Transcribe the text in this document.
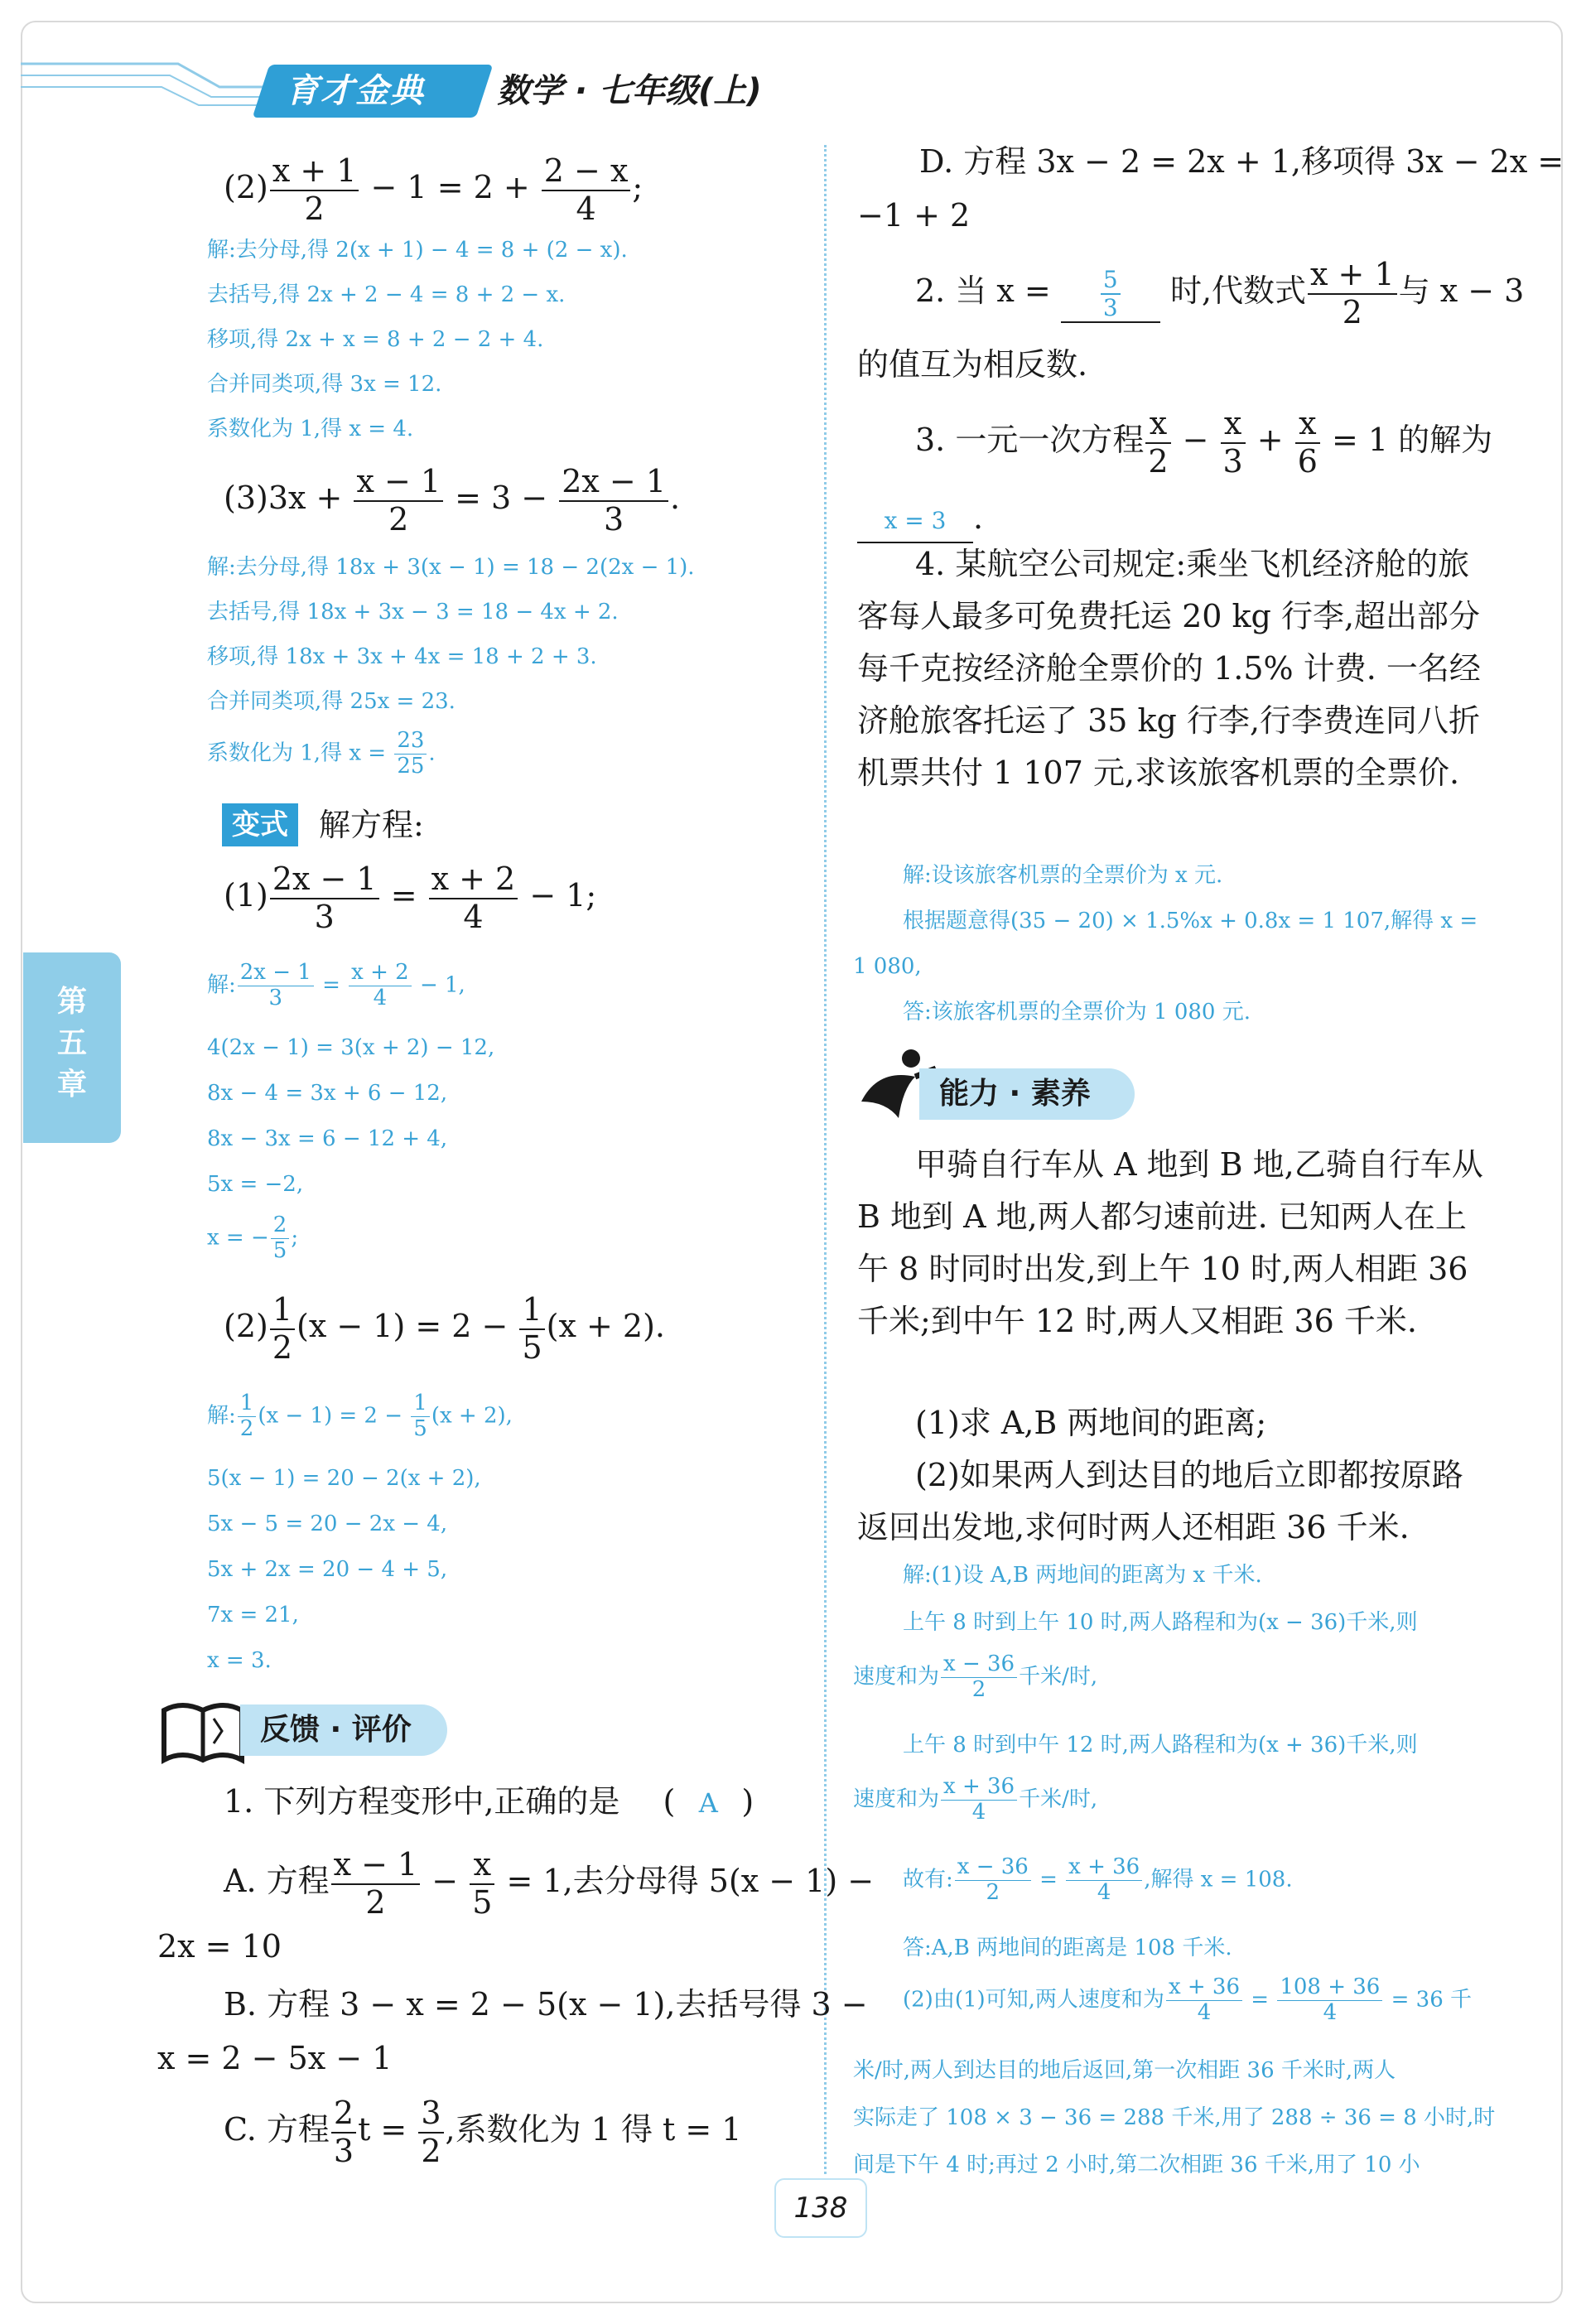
育才金典	数学 · 七年级(上)
第五章
$(2) \frac{x + 1}{2} - 1 = 2 + \frac{2 - x}{4}$ ;
解:去分母,得 2(x + 1) − 4 = 8 + (2 − x).
去括号,得 2x + 2 − 4 = 8 + 2 − x.
移项,得 2x + x = 8 + 2 − 2 + 4.
合并同类项,得 3x = 12.
系数化为 1,得 x = 4.
$(3)3x + \frac{x - 1}{2} = 3 - \frac{2x - 1}{3}$ .
解:去分母,得 18x + 3(x − 1) = 18 − 2(2x − 1).
去括号,得 18x + 3x − 3 = 18 − 4x + 2.
移项,得 18x + 3x + 4x = 18 + 2 + 3.
合并同类项,得 25x = 23.
系数化为 1,得 $x = \frac{23}{25}$ .
变式 解方程:
$(1) \frac{2x - 1}{3} = \frac{x + 2}{4} - 1$;
解: $\frac{2x - 1}{3} = \frac{x + 2}{4} - 1$,
4(2x − 1) = 3(x + 2) − 12,
8x − 4 = 3x + 6 − 12,
8x − 3x = 6 − 12 + 4,
5x = −2,
x = − $\frac{2}{5}$ ;
$(2) \frac{1}{2} (x - 1) = 2 - \frac{1}{5} (x + 2)$.
解: $\frac{1}{2} (x - 1) = 2 - \frac{1}{5} (x + 2)$,
5(x − 1) = 20 − 2(x + 2),
5x − 5 = 20 − 2x − 4,
5x + 2x = 20 − 4 + 5,
7x = 21,
x = 3.
反馈 · 评价
1. 下列方程变形中,正确的是 ( A )
A. 方程 $\frac{x - 1}{2} - \frac{x}{5} = 1$,去分母得 5(x − 1) −
2x = 10
B. 方程 3 − x = 2 − 5(x − 1),去括号得 3 −
x = 2 − 5x − 1
C. 方程 $\frac{2}{3}$ $t = \frac{3}{2}$ ,系数化为 1 得 t = 1
D. 方程 3x − 2 = 2x + 1,移项得 3x − 2x =
−1 + 2
2. 当 $x = \frac{5}{3}$ 时,代数式 $\frac{x + 1}{2}$ 与 x − 3
的值互为相反数.
3. 一元一次方程 $\frac{x}{2} - \frac{x}{3} + \frac{x}{6} = 1$ 的解为
x = 3 .
4. 某航空公司规定:乘坐飞机经济舱的旅客每人最多可免费托运 20 kg 行李,超出部分每千克按经济舱全票价的 1.5% 计费. 一名经济舱旅客托运了 35 kg 行李,行李费连同八折机票共付 1 107 元,求该旅客机票的全票价.
解:设该旅客机票的全票价为 x 元.
根据题意得(35 − 20) × 1.5%x + 0.8x = 1 107,解得 x =
1 080,
答:该旅客机票的全票价为 1 080 元.
能力 · 素养
甲骑自行车从 A 地到 B 地,乙骑自行车从 B 地到 A 地,两人都匀速前进. 已知两人在上午 8 时同时出发,到上午 10 时,两人相距 36 千米;到中午 12 时,两人又相距 36 千米.
(1)求 A,B 两地间的距离;
(2)如果两人到达目的地后立即都按原路返回出发地,求何时两人还相距 36 千米.
解:(1)设 A,B 两地间的距离为 x 千米.
上午 8 时到上午 10 时,两人路程和为(x − 36)千米,则
速度和为 $\frac{x - 36}{2}$ 千米/时,
上午 8 时到中午 12 时,两人路程和为(x + 36)千米,则
速度和为 $\frac{x + 36}{4}$ 千米/时,
故有: $\frac{x - 36}{2} = \frac{x + 36}{4}$ ,解得 x = 108.
答:A,B 两地间的距离是 108 千米.
(2)由(1)可知,两人速度和为 $\frac{x + 36}{4} = \frac{108 + 36}{4} = 36$ 千
米/时,两人到达目的地后返回,第一次相距 36 千米时,两人
实际走了 108 × 3 − 36 = 288 千米,用了 288 ÷ 36 = 8 小时,时
间是下午 4 时;再过 2 小时,第二次相距 36 千米,用了 10 小
138
